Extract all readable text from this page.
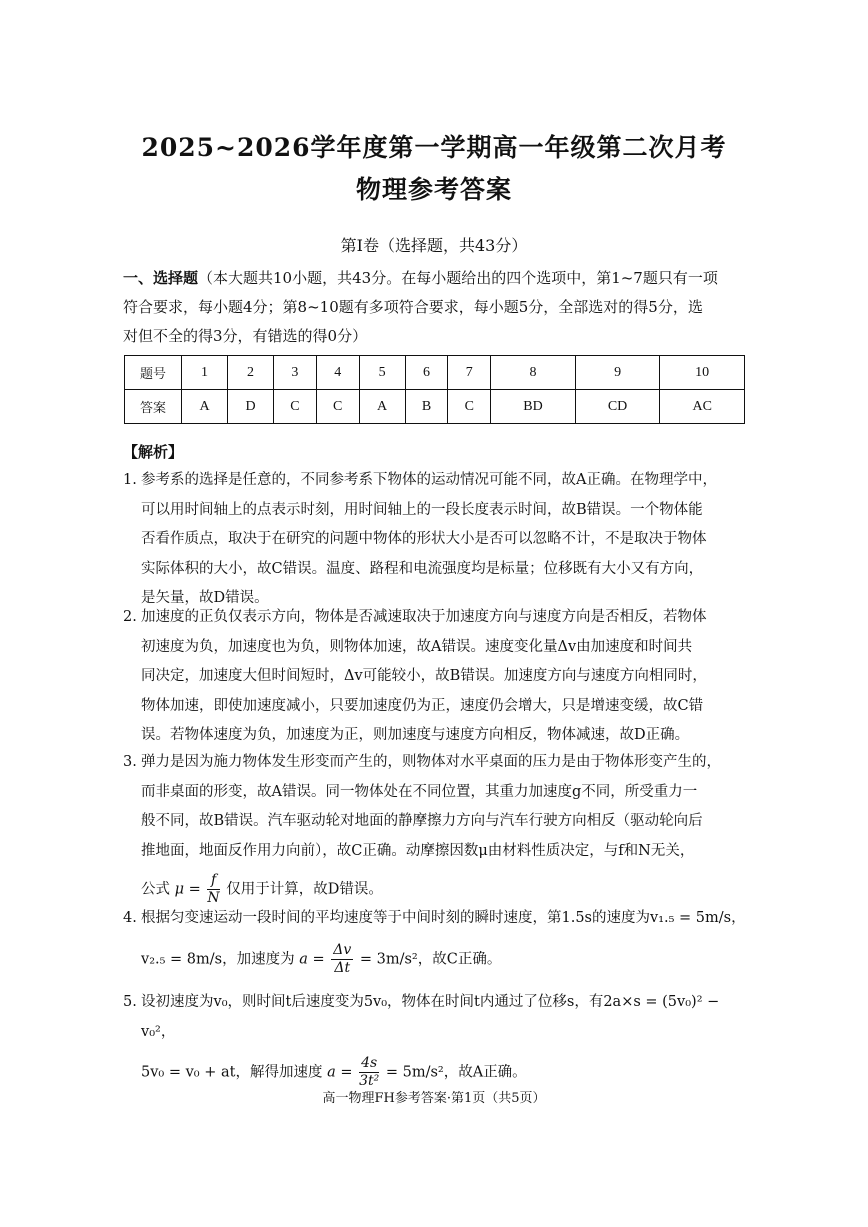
2025~2026学年度第一学期高一年级第二次月考
物理参考答案
第Ⅰ卷（选择题，共43分）
一、选择题（本大题共10小题，共43分。在每小题给出的四个选项中，第1~7题只有一项
符合要求，每小题4分；第8~10题有多项符合要求，每小题5分，全部选对的得5分，选
对但不全的得3分，有错选的得0分）
题号	1	2	3	4	5	6	7	8	9	10
答案	A	D	C	C	A	B	C	BD	CD	AC
【解析】
1. 参考系的选择是任意的，不同参考系下物体的运动情况可能不同，故A正确。在物理学中，
可以用时间轴上的点表示时刻，用时间轴上的一段长度表示时间，故B错误。一个物体能
否看作质点，取决于在研究的问题中物体的形状大小是否可以忽略不计，不是取决于物体
实际体积的大小，故C错误。温度、路程和电流强度均是标量；位移既有大小又有方向，
是矢量，故D错误。
2. 加速度的正负仅表示方向，物体是否减速取决于加速度方向与速度方向是否相反，若物体
初速度为负，加速度也为负，则物体加速，故A错误。速度变化量Δv由加速度和时间共
同决定，加速度大但时间短时，Δv可能较小，故B错误。加速度方向与速度方向相同时，
物体加速，即使加速度减小，只要加速度仍为正，速度仍会增大，只是增速变缓，故C错
误。若物体速度为负，加速度为正，则加速度与速度方向相反，物体减速，故D正确。
3. 弹力是因为施力物体发生形变而产生的，则物体对水平桌面的压力是由于物体形变产生的，
而非桌面的形变，故A错误。同一物体处在不同位置，其重力加速度g不同，所受重力一
般不同，故B错误。汽车驱动轮对地面的静摩擦力方向与汽车行驶方向相反（驱动轮向后
推地面，地面反作用力向前），故C正确。动摩擦因数μ由材料性质决定，与f和N无关，
公式 $\mu = \frac{f}{N}$ 仅用于计算，故D错误。
4. 根据匀变速运动一段时间的平均速度等于中间时刻的瞬时速度，第1.5s的速度为v₁.₅ = 5m/s，
v₂.₅ = 8m/s，加速度为 $a = \frac{\Delta v}{\Delta t} = 3m/s^2$，故C正确。
5. 设初速度为v₀，则时间t后速度变为5v₀，物体在时间t内通过了位移s，有2a×s = (5v₀)² − v₀²，
5v₀ = v₀ + at，解得加速度 $a = \frac{4s}{\text{3t²}} = 5m/s^2$，故A正确。
高一物理FH参考答案·第1页（共5页）
